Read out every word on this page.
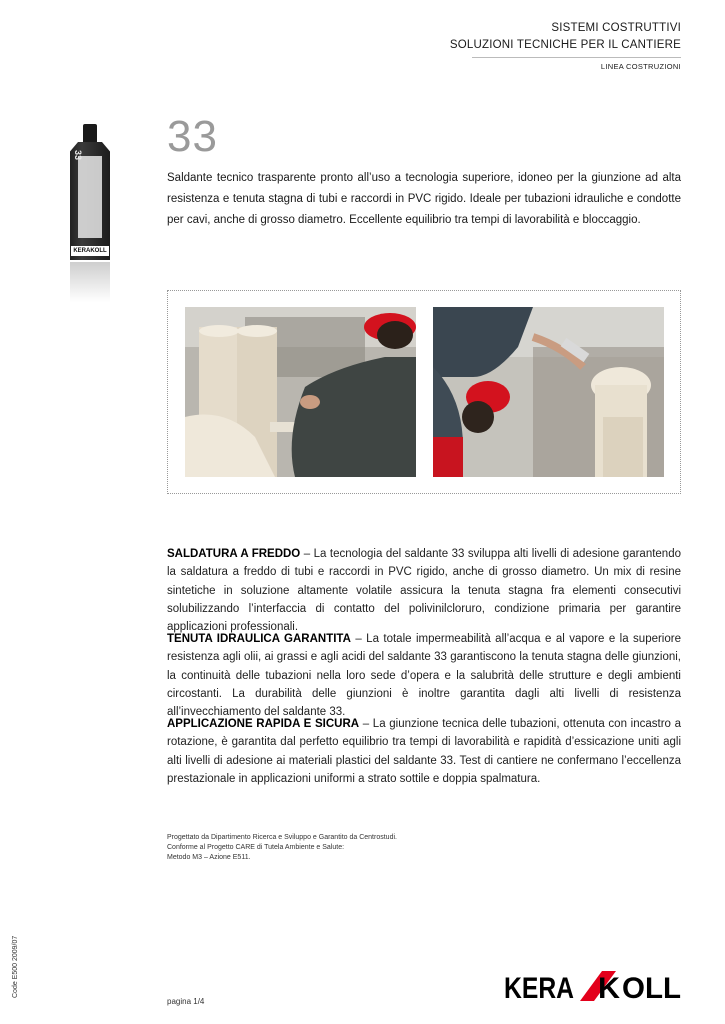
SISTEMI COSTRUTTIVI
SOLUZIONI TECNICHE PER IL CANTIERE
LINEA COSTRUZIONI
33
KERAKOLL
33
Saldante tecnico trasparente pronto all’uso a tecnologia superiore, idoneo per la giunzione ad alta resistenza e tenuta stagna di tubi e raccordi in PVC rigido. Ideale per tubazioni idrauliche e condotte per cavi, anche di grosso diametro. Eccellente equilibrio tra tempi di lavorabilità e bloccaggio.
SALDATURA A FREDDO – La tecnologia del saldante 33 sviluppa alti livelli di adesione garantendo la saldatura a freddo di tubi e raccordi in PVC rigido, anche di grosso diametro. Un mix di resine sintetiche in soluzione altamente volatile assicura la tenuta stagna fra elementi consecutivi solubilizzando l’interfaccia di contatto del polivinilcloruro, condizione primaria per garantire applicazioni professionali.
TENUTA IDRAULICA GARANTITA – La totale impermeabilità all’acqua e al vapore e la superiore resistenza agli olii, ai grassi e agli acidi del saldante 33 garantiscono la tenuta stagna delle giunzioni, la continuità delle tubazioni nella loro sede d’opera e la salubrità delle strutture e degli ambienti circostanti. La durabilità delle giunzioni è inoltre garantita dagli alti livelli di resistenza all’invecchiamento del saldante 33.
APPLICAZIONE RAPIDA E SICURA – La giunzione tecnica delle tubazioni, ottenuta con incastro a rotazione, è garantita dal perfetto equilibrio tra tempi di lavorabilità e rapidità d’essicazione uniti agli alti livelli di adesione ai materiali plastici del saldante 33. Test di cantiere ne confermano l’eccellenza prestazionale in applicazioni uniformi a strato sottile e doppia spalmatura.
Progettato da Dipartimento Ricerca e Sviluppo e Garantito da Centrostudi.
Conforme al Progetto CARE di Tutela Ambiente e Salute:
Metodo M3 – Azione E511.
Code E500 2009/07
pagina 1/4	KERA K OLL
